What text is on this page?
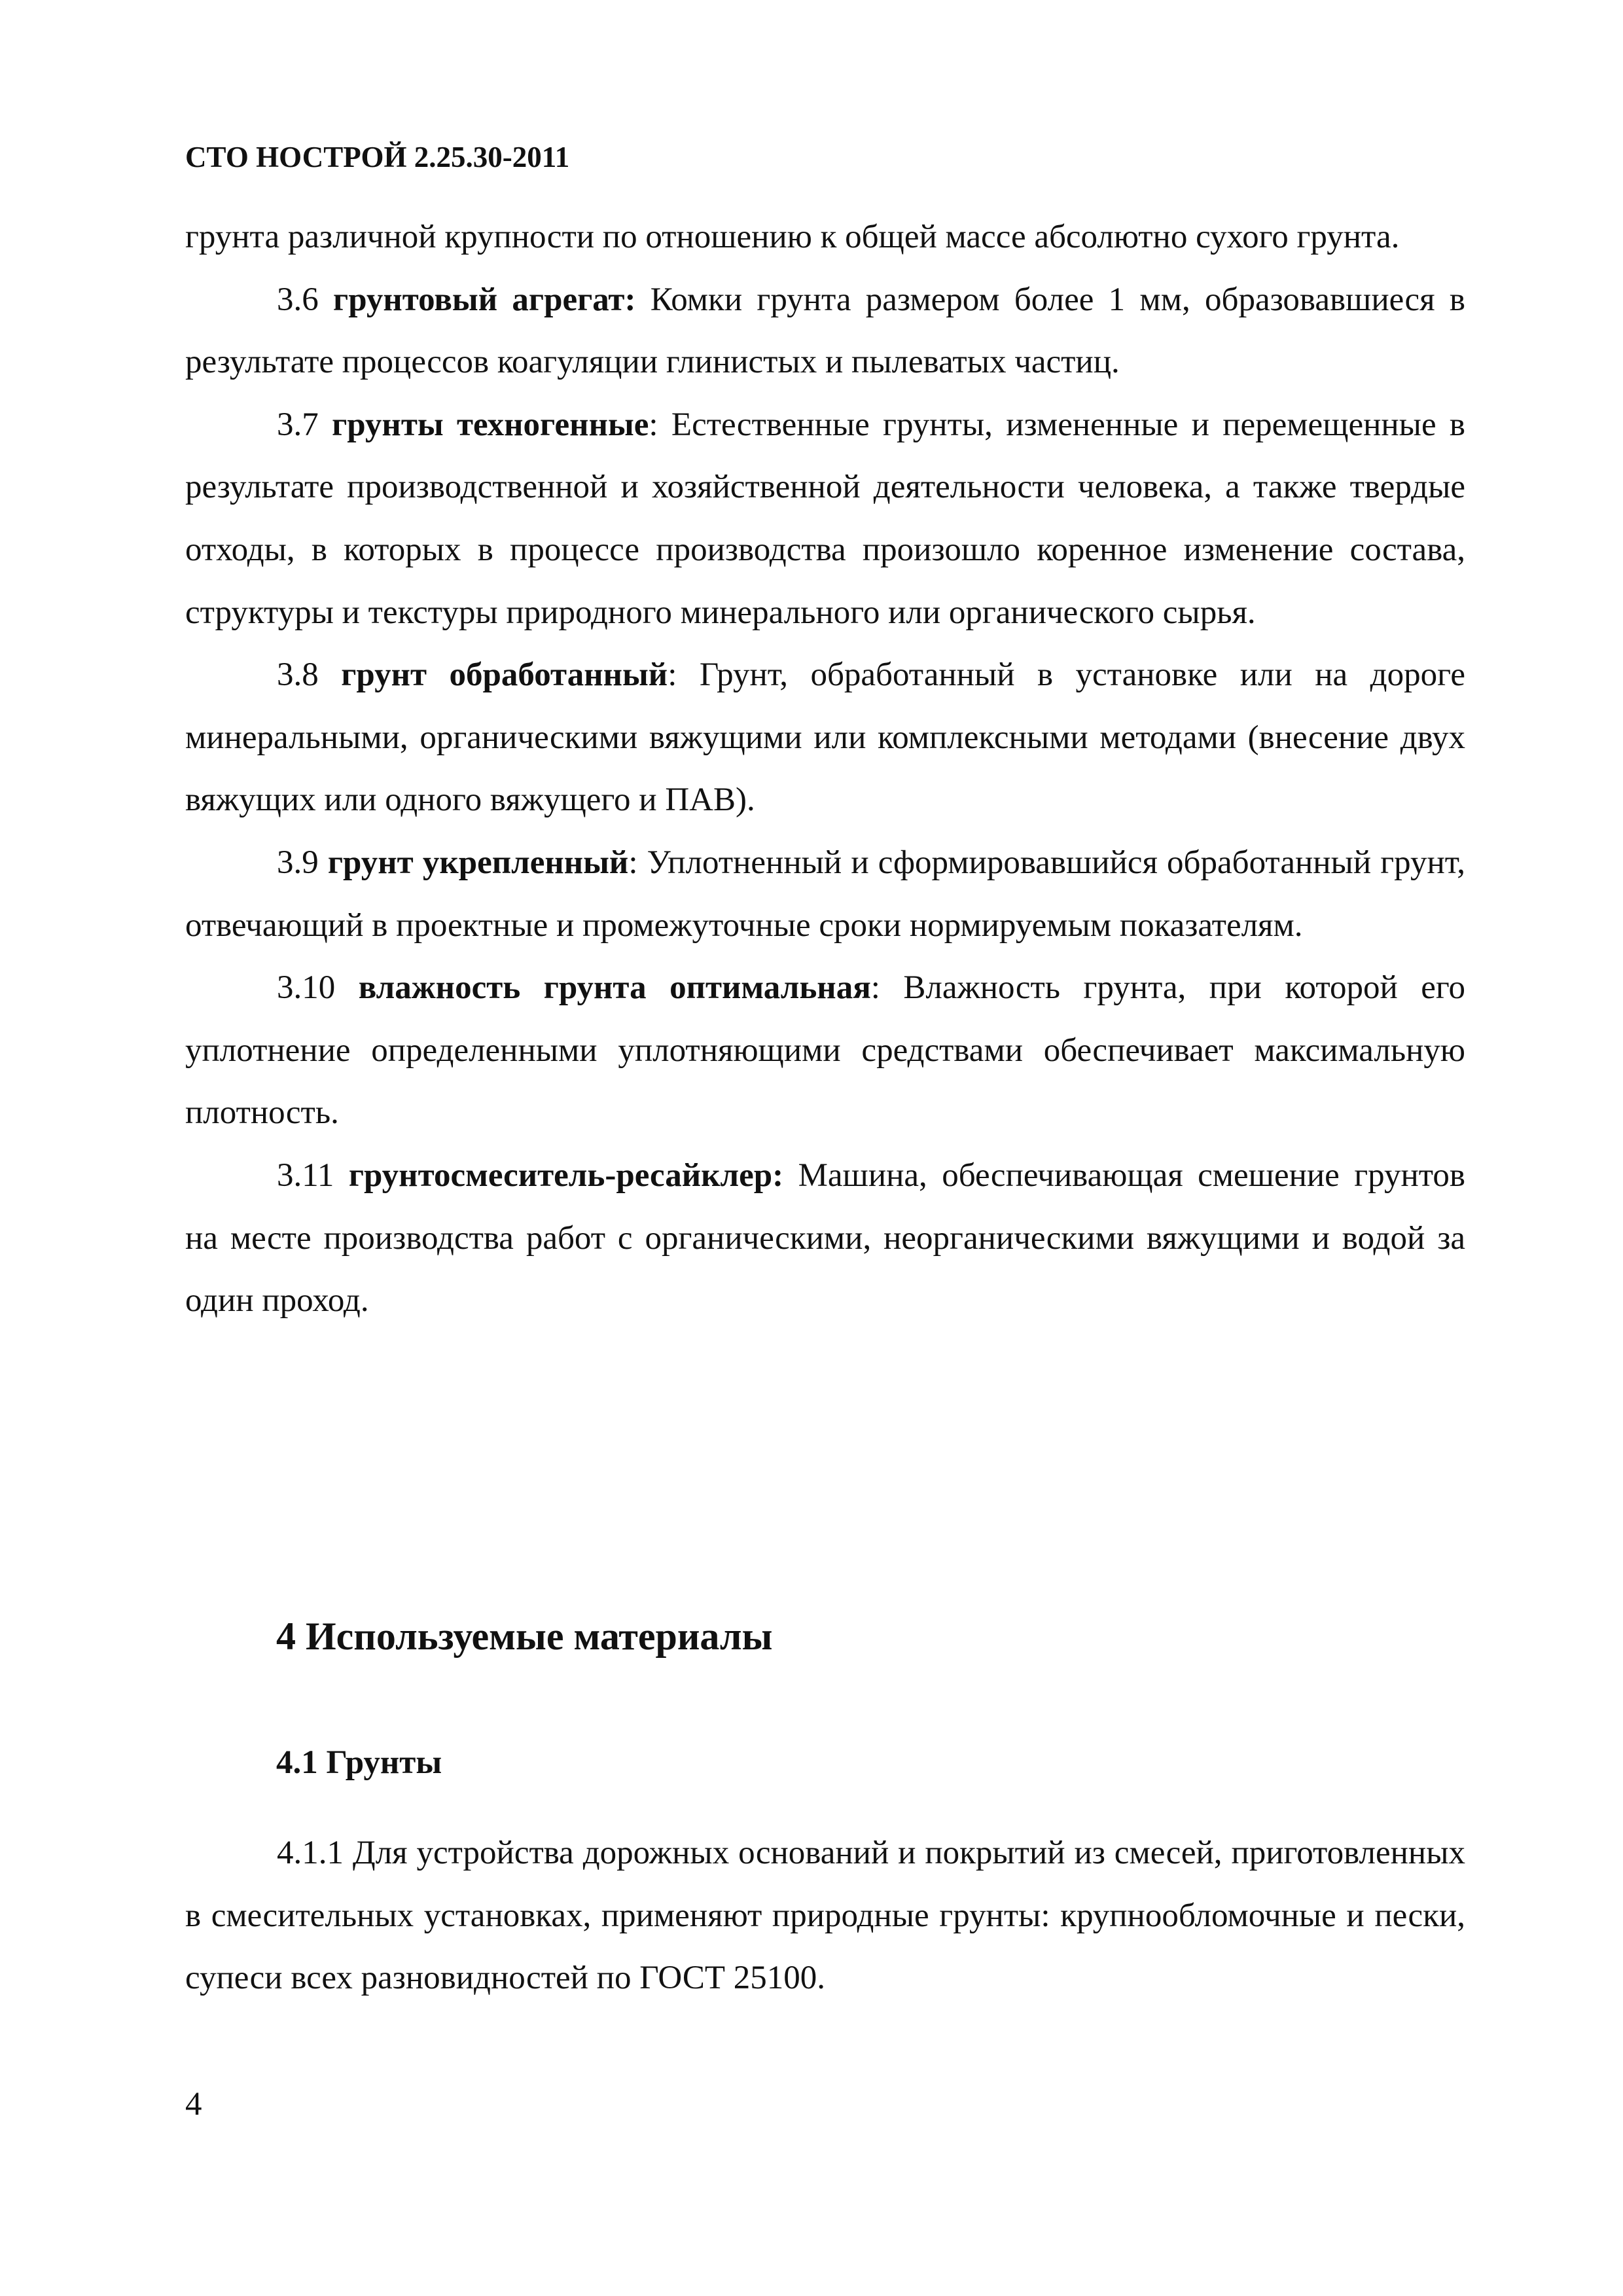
СТО НОСТРОЙ 2.25.30-2011

грунта различной крупности по отношению к общей массе абсолютно сухого грунта.

3.6 грунтовый агрегат: Комки грунта размером более 1 мм, образовавшиеся в результате процессов коагуляции глинистых и пылеватых частиц.

3.7 грунты техногенные: Естественные грунты, измененные и перемещенные в результате производственной и хозяйственной деятельности человека, а также твердые отходы, в которых в процессе производства произошло коренное изменение состава, структуры и текстуры природного минерального или органического сырья.

3.8 грунт обработанный: Грунт, обработанный в установке или на дороге минеральными, органическими вяжущими или комплексными методами (внесение двух вяжущих или одного вяжущего и ПАВ).

3.9 грунт укрепленный: Уплотненный и сформировавшийся обработанный грунт, отвечающий в проектные и промежуточные сроки нормируемым показателям.

3.10 влажность грунта оптимальная: Влажность грунта, при которой его уплотнение определенными уплотняющими средствами обеспечивает максимальную плотность.

3.11 грунтосмеситель-ресайклер: Машина, обеспечивающая смешение грунтов на месте производства работ с органическими, неорганическими вяжущими и водой за один проход.

4 Используемые материалы
4.1 Грунты

4.1.1 Для устройства дорожных оснований и покрытий из смесей, приготовленных в смесительных установках, применяют природные грунты: крупнообломочные и пески, супеси всех разновидностей по ГОСТ 25100.

4
